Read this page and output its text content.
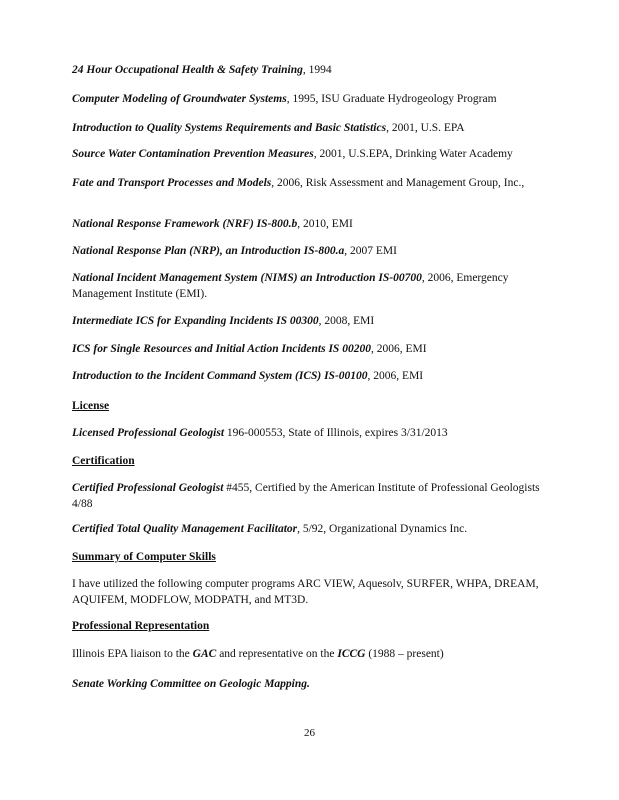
24 Hour Occupational Health & Safety Training, 1994

Computer Modeling of Groundwater Systems, 1995, ISU Graduate Hydrogeology Program

Introduction to Quality Systems Requirements and Basic Statistics, 2001, U.S. EPA

Source Water Contamination Prevention Measures, 2001, U.S.EPA, Drinking Water Academy

Fate and Transport Processes and Models, 2006, Risk Assessment and Management Group, Inc.,

National Response Framework (NRF) IS-800.b, 2010, EMI

National Response Plan (NRP), an Introduction IS-800.a, 2007 EMI

National Incident Management System (NIMS) an Introduction IS-00700, 2006, Emergency Management Institute (EMI).

Intermediate ICS for Expanding Incidents IS 00300, 2008, EMI

ICS for Single Resources and Initial Action Incidents IS 00200, 2006, EMI

Introduction to the Incident Command System (ICS) IS-00100, 2006, EMI

License

Licensed Professional Geologist 196-000553, State of Illinois, expires 3/31/2013

Certification

Certified Professional Geologist #455, Certified by the American Institute of Professional Geologists 4/88

Certified Total Quality Management Facilitator, 5/92, Organizational Dynamics Inc.

Summary of Computer Skills

I have utilized the following computer programs ARC VIEW, Aquesolv, SURFER, WHPA, DREAM, AQUIFEM, MODFLOW, MODPATH, and MT3D.

Professional Representation

Illinois EPA liaison to the GAC and representative on the ICCG (1988 – present)

Senate Working Committee on Geologic Mapping.

26
